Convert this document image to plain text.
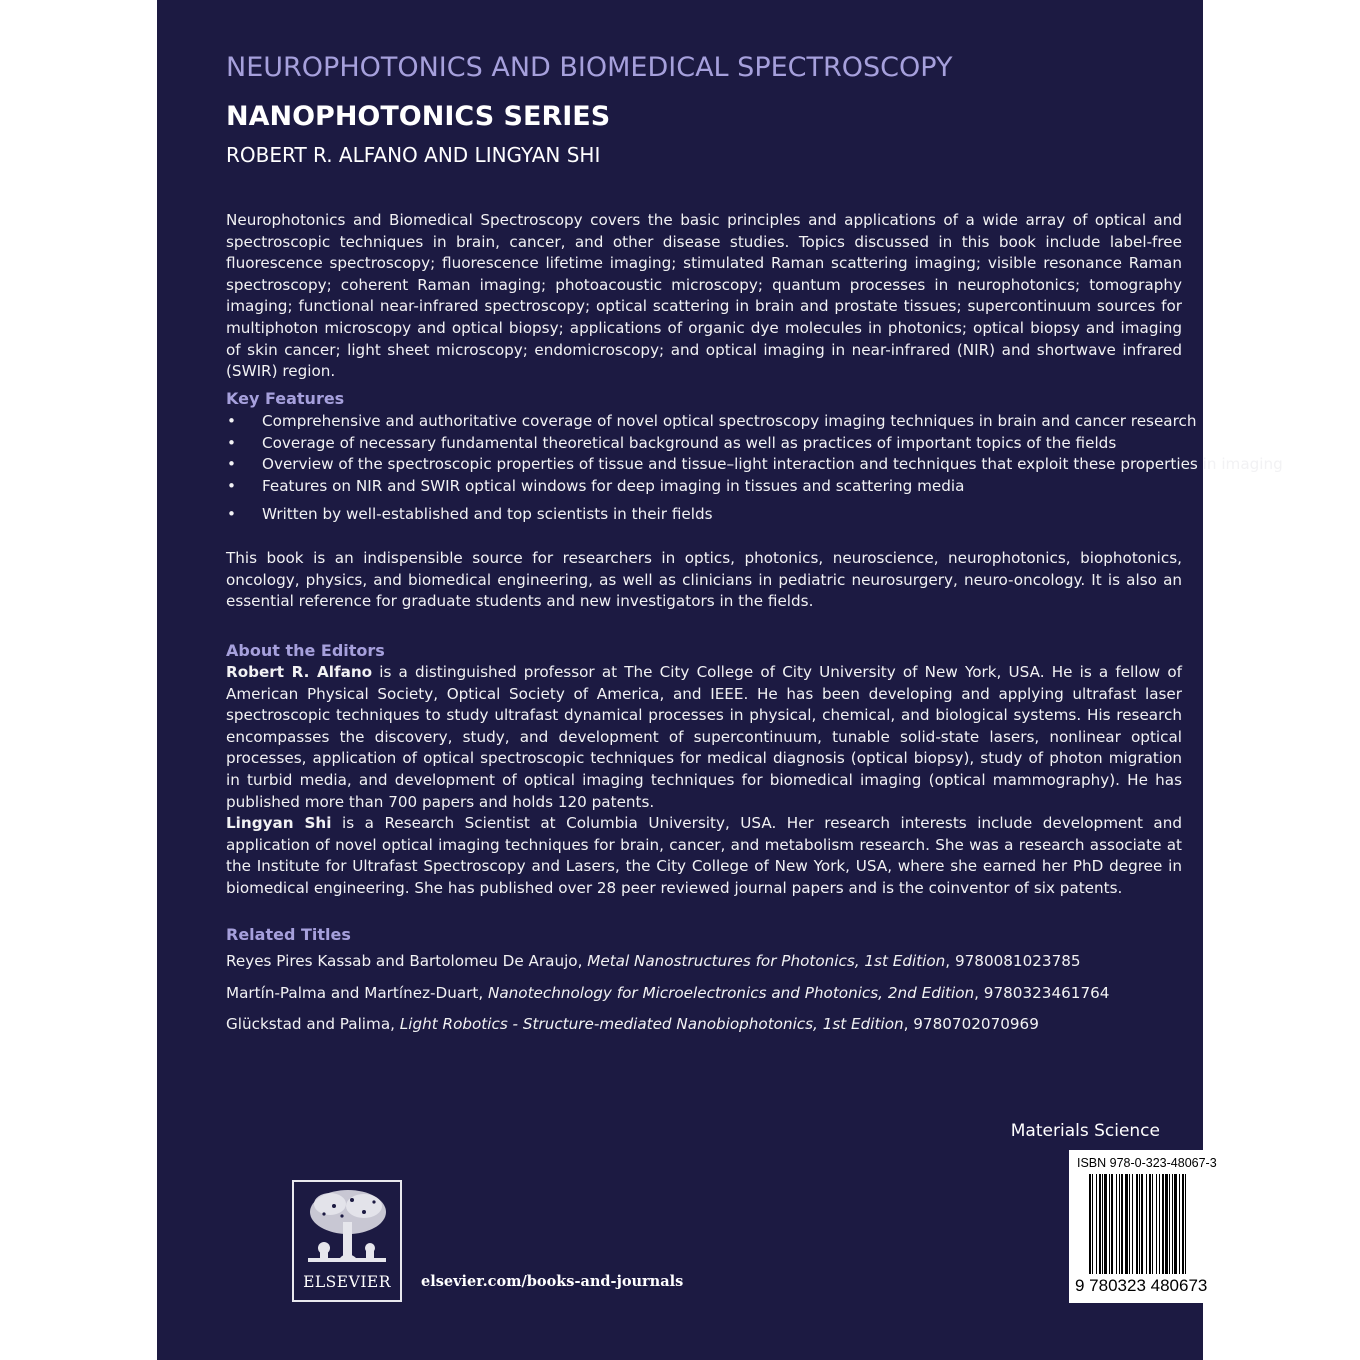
NEUROPHOTONICS AND BIOMEDICAL SPECTROSCOPY
NANOPHOTONICS SERIES
ROBERT R. ALFANO AND LINGYAN SHI
Neurophotonics and Biomedical Spectroscopy covers the basic principles and applications of a wide array of optical and spectroscopic techniques in brain, cancer, and other disease studies. Topics discussed in this book include label-free fluorescence spectroscopy; fluorescence lifetime imaging; stimulated Raman scattering imaging; visible resonance Raman spectroscopy; coherent Raman imaging; photoacoustic microscopy; quantum processes in neurophotonics; tomography imaging; functional near-infrared spectroscopy; optical scattering in brain and prostate tissues; supercontinuum sources for multiphoton microscopy and optical biopsy; applications of organic dye molecules in photonics; optical biopsy and imaging of skin cancer; light sheet microscopy; endomicroscopy; and optical imaging in near-infrared (NIR) and shortwave infrared (SWIR) region.
Key Features
• Comprehensive and authoritative coverage of novel optical spectroscopy imaging techniques in brain and cancer research
• Coverage of necessary fundamental theoretical background as well as practices of important topics of the fields
• Overview of the spectroscopic properties of tissue and tissue–light interaction and techniques that exploit these properties in imaging
• Features on NIR and SWIR optical windows for deep imaging in tissues and scattering media
• Written by well-established and top scientists in their fields
This book is an indispensible source for researchers in optics, photonics, neuroscience, neurophotonics, biophotonics, oncology, physics, and biomedical engineering, as well as clinicians in pediatric neurosurgery, neuro-oncology. It is also an essential reference for graduate students and new investigators in the fields.
About the Editors
Robert R. Alfano is a distinguished professor at The City College of City University of New York, USA. He is a fellow of American Physical Society, Optical Society of America, and IEEE. He has been developing and applying ultrafast laser spectroscopic techniques to study ultrafast dynamical processes in physical, chemical, and biological systems. His research encompasses the discovery, study, and development of supercontinuum, tunable solid-state lasers, nonlinear optical processes, application of optical spectroscopic techniques for medical diagnosis (optical biopsy), study of photon migration in turbid media, and development of optical imaging techniques for biomedical imaging (optical mammography). He has published more than 700 papers and holds 120 patents.
Lingyan Shi is a Research Scientist at Columbia University, USA. Her research interests include development and application of novel optical imaging techniques for brain, cancer, and metabolism research. She was a research associate at the Institute for Ultrafast Spectroscopy and Lasers, the City College of New York, USA, where she earned her PhD degree in biomedical engineering. She has published over 28 peer reviewed journal papers and is the coinventor of six patents.
Related Titles
Reyes Pires Kassab and Bartolomeu De Araujo, Metal Nanostructures for Photonics, 1st Edition, 9780081023785
Martín-Palma and Martínez-Duart, Nanotechnology for Microelectronics and Photonics, 2nd Edition, 9780323461764
Glückstad and Palima, Light Robotics - Structure-mediated Nanobiophotonics, 1st Edition, 9780702070969
Materials Science
ISBN 978-0-323-48067-3
9 780323 480673
ELSEVIER	elsevier.com/books-and-journals
